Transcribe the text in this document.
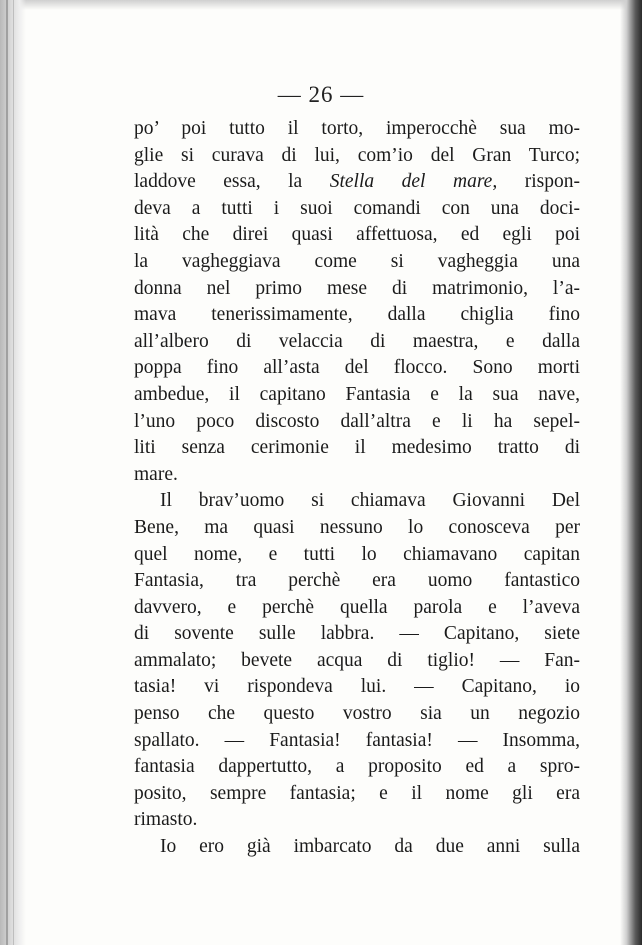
— 26 —
po’ poi tutto il torto, imperocchè sua mo-
glie si curava di lui, com’io del Gran Turco;
laddove essa, la Stella del mare, rispon-
deva a tutti i suoi comandi con una doci-
lità che direi quasi affettuosa, ed egli poi
la vagheggiava come si vagheggia una
donna nel primo mese di matrimonio, l’a-
mava tenerissimamente, dalla chiglia fino
all’albero di velaccia di maestra, e dalla
poppa fino all’asta del flocco. Sono morti
ambedue, il capitano Fantasia e la sua nave,
l’uno poco discosto dall’altra e li ha sepel-
liti senza cerimonie il medesimo tratto di
mare.
Il brav’uomo si chiamava Giovanni Del
Bene, ma quasi nessuno lo conosceva per
quel nome, e tutti lo chiamavano capitan
Fantasia, tra perchè era uomo fantastico
davvero, e perchè quella parola e l’aveva
di sovente sulle labbra. — Capitano, siete
ammalato; bevete acqua di tiglio! — Fan-
tasia! vi rispondeva lui. — Capitano, io
penso che questo vostro sia un negozio
spallato. — Fantasia! fantasia! — Insomma,
fantasia dappertutto, a proposito ed a spro-
posito, sempre fantasia; e il nome gli era
rimasto.
Io ero già imbarcato da due anni sulla
